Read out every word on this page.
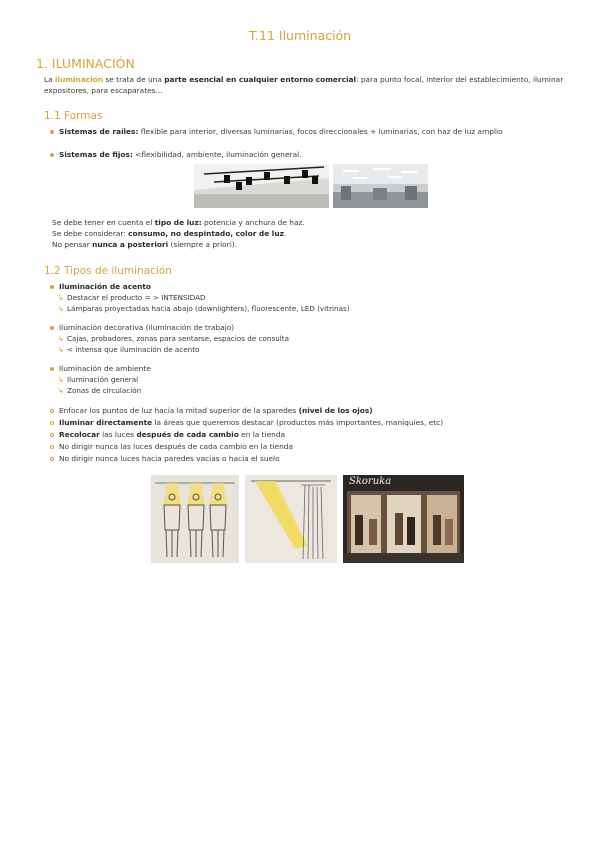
T.11 Iluminación
1. ILUMINACIÓN
La iluminación se trata de una parte esencial en cualquier entorno comercial: para punto focal, interior del establecimiento, iluminar expositores, para escaparates...
1.1 Formas
Sistemas de raíles: flexible para interior, diversas luminarias, focos direccionales + luminarias, con haz de luz amplio
Sistemas de fijos: <flexibilidad, ambiente, iluminación general.
Se debe tener en cuenta el tipo de luz: potencia y anchura de haz.
Se debe considerar: consumo, no despintado, color de luz.
No pensar nunca a posteriori (siempre a priori).
1.2 Tipos de iluminación
Iluminación de acento
↳ Destacar el producto = > INTENSIDAD
↳ Lámparas proyectadas hacia abajo (downlighters), fluorescente, LED (vitrinas)
Iluminación decorativa (iluminación de trabajo)
↳ Cajas, probadores, zonas para sentarse, espacios de consulta
↳ < intensa que iluminación de acento
Iluminación de ambiente
↳ Iluminación general
↳ Zonas de circulación
Enfocar los puntos de luz hacia la mitad superior de la sparedes (nivel de los ojos)
Iluminar directamente la áreas que queremos destacar (productos más importantes, maniquíes, etc)
Recolocar las luces después de cada cambio en la tienda
No dirigir nunca las luces después de cada cambio en la tienda
No dirigir nunca luces hacia paredes vacías o hacia el suelo
Skoruka
